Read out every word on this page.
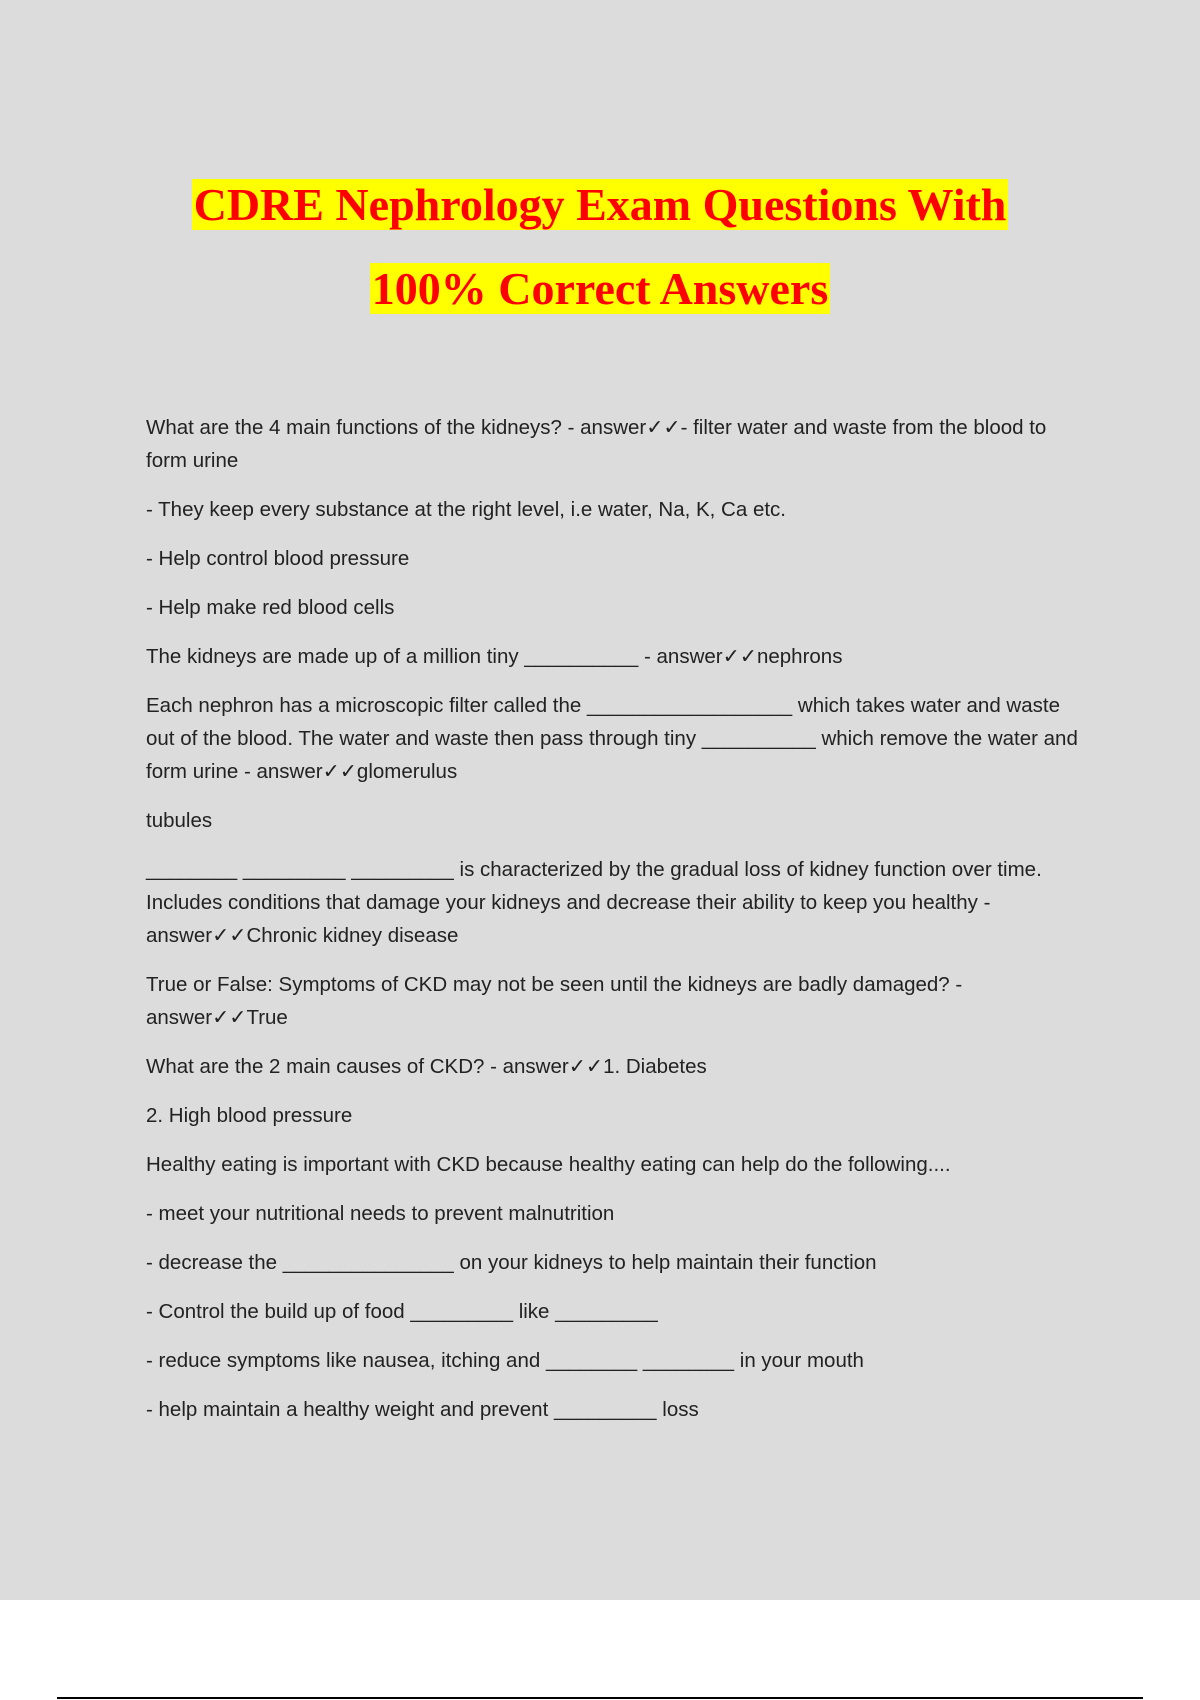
CDRE Nephrology Exam Questions With

100% Correct Answers

What are the 4 main functions of the kidneys? - answer✓✓- filter water and waste from the blood to form urine

- They keep every substance at the right level, i.e water, Na, K, Ca etc.

- Help control blood pressure

- Help make red blood cells

The kidneys are made up of a million tiny __________ - answer✓✓nephrons

Each nephron has a microscopic filter called the __________________ which takes water and waste out of the blood. The water and waste then pass through tiny __________ which remove the water and form urine - answer✓✓glomerulus

tubules

________ _________ _________ is characterized by the gradual loss of kidney function over time. Includes conditions that damage your kidneys and decrease their ability to keep you healthy - answer✓✓Chronic kidney disease

True or False: Symptoms of CKD may not be seen until the kidneys are badly damaged? - answer✓✓True

What are the 2 main causes of CKD? - answer✓✓1. Diabetes

2. High blood pressure

Healthy eating is important with CKD because healthy eating can help do the following....

- meet your nutritional needs to prevent malnutrition

- decrease the _______________ on your kidneys to help maintain their function

- Control the build up of food _________ like _________

- reduce symptoms like nausea, itching and ________ ________ in your mouth

- help maintain a healthy weight and prevent _________ loss
